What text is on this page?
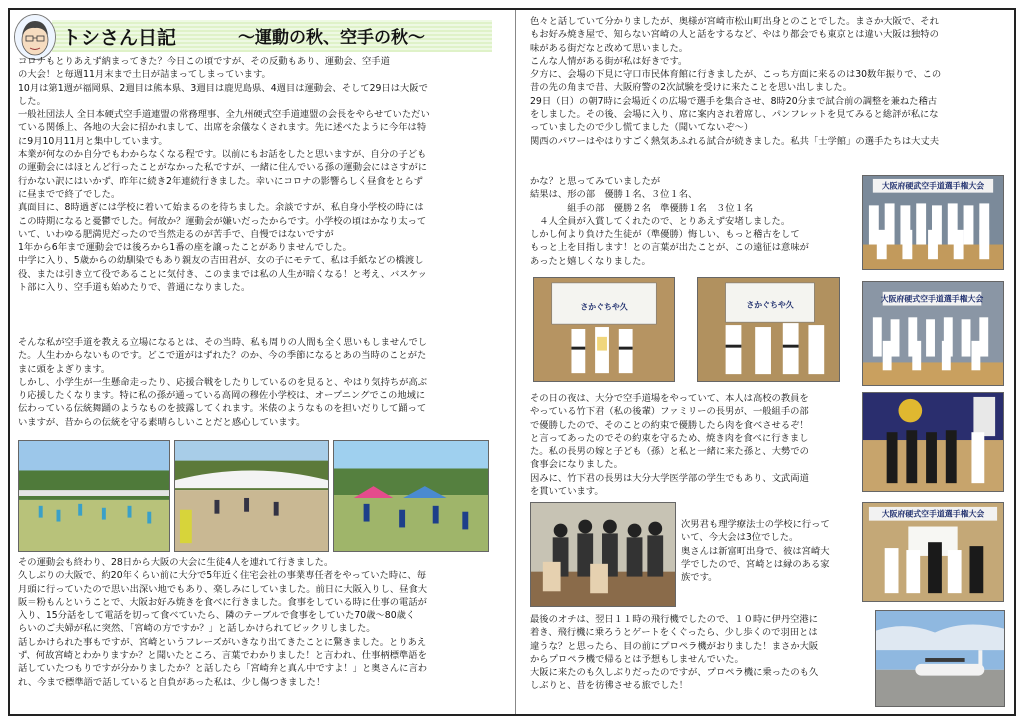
トシさん日記	～運動の秋、空手の秋～

コロナもとりあえず納まってきた？今日この頃ですが、その反動もあり、運動会、空手道

の大会！と毎週11月末まで土日が詰まってしまっています。

10月は第1週が福岡県、2週目は熊本県、3週目は鹿児島県、4週目は運動会、そして29日は大阪で

した。

一般社団法人 全日本硬式空手道連盟の常務理事、全九州硬式空手道連盟の会長をやらせていただい

ている関係上、各地の大会に招かれまして、出席を余儀なくされます。先に述べたように今年は特

に9月10月11月と集中しています。

本業が何なのか自分でもわからなくなる程です。以前にもお話をしたと思いますが、自分の子ども

の運動会にはほとんど行ったことがなかった私ですが、一緒に住んでいる孫の運動会にはさすがに

行かない訳にはいかず、昨年に続き2年連続行きました。幸いにコロナの影響らしく昼食をとらず

に昼までで終了でした。

真面目に、8時過ぎには学校に着いて始まるのを待ちました。余談ですが、私自身小学校の時には

この時期になると憂鬱でした。何故か？運動会が嫌いだったからです。小学校の頃はかなり太って

いて、いわゆる肥満児だったので当然走るのが苦手で、自慢ではないですが

1年から6年まで運動会では後ろから1番の座を譲ったことがありませんでした。

中学に入り、5歳からの幼馴染でもあり親友の吉田君が、女の子にモテて、私は手紙などの橋渡し

役、または引き立て役であることに気付き、このままでは私の人生が暗くなる！と考え、バスケッ

ト部に入り、空手道も始めたりで、普通になりました。

そんな私が空手道を教える立場になるとは、その当時、私も周りの人間も全く思いもしませんでし

た。人生わからないものです。どこで道がはずれた？のか、今の季節になるとあの当時のことがた

まに頭をよぎります。

しかし、小学生が一生懸命走ったり、応援合戦をしたりしているのを見ると、やはり気持ちが高ぶ

り応援したくなります。特に私の孫が通っている高岡の穆佐小学校は、オープニングでこの地域に

伝わっている伝統舞踊のようなものを披露してくれます。米俵のようなものを担いだりして踊って

いますが、昔からの伝統を守る素晴らしいことだと感心しています。

その運動会も終わり、28日から大阪の大会に生徒4人を連れて行きました。

久しぶりの大阪で、約20年くらい前に大分で5年近く住宅会社の事業専任者をやっていた時に、毎

月頭に行っていたので思い出深い地でもあり、楽しみにしていました。前日に大阪入りし、昼食大

阪＝粉もんということで、大阪お好み焼きを食べに行きました。食事をしている時に仕事の電話が

入り、15分話をして電話を切って食べていたら、隣のテーブルで食事をしていた70歳～80歳く

らいのご夫婦が私に突然、「宮崎の方ですか？」と話しかけられてビックリしました。

話しかけられた事もですが、宮崎というフレーズがいきなり出てきたことに驚きました。とりあえ

ず、何故宮崎とわかりますか？と聞いたところ、言葉でわかりました！と言われ、仕事柄標準語を

話していたつもりですが分かりましたか？と話したら「宮崎弁と真ん中ですよ！」と奥さんに言わ

れ、今まで標準語で話していると自負があった私は、少し傷つきました！

色々と話していて分かりましたが、奥様が宮崎市松山町出身とのことでした。まさか大阪で、それ

もお好み焼き屋で、知らない宮崎の人と話をするなど、やはり都会でも東京とは違い大阪は独特の

味がある街だなと改めて思いました。

こんな人情がある街が私は好きです。

夕方に、会場の下見に守口市民体育館に行きましたが、こっち方面に来るのは30数年振りで、この

昔の先の角まで昔、大阪府警の2次試験を受けに来たことを思い出しました。

29日（日）の朝7時に会場近くの広場で選手を集合させ、8時20分まで試合前の調整を兼ねた稽古

をしました。その後、会場に入り、席に案内され着席し、パンフレットを見てみると総評が私にな

っていましたので少し慌てました（聞いてないぞ～）

関西のパワーはやはりすごく熱気あふれる試合が続きました。私共「士学館」の選手たちは大丈夫

かな？と思ってみていましたが

結果は、形の部　優勝１名、３位１名、

　　　　組手の部　優勝２名　準優勝１名　３位１名

　４人全員が入賞してくれたので、とりあえず安堵しました。

しかし何より負けた生徒が（準優勝）悔しい、もっと稽古をして

もっと上を目指します！との言葉が出たことが、この遠征は意味が

あったと嬉しくなりました。

その日の夜は、大分で空手道場をやっていて、本人は高校の教員を

やっている竹下君（私の後輩）ファミリーの長男が、一般組手の部

で優勝したので、そのことの約束で優勝したら肉を食べさせるぞ！

と言ってあったのでその約束を守るため、焼き肉を食べに行きまし

た。私の長男の嫁と子ども（孫）と私と一緒に来た孫と、大勢での

食事会になりました。

因みに、竹下君の長男は大分大学医学部の学生でもあり、文武両道

を貫いています。

次男君も理学療法士の学校に行って

いて、今大会は3位でした。

奥さんは新富町出身で、彼は宮崎大

学でしたので、宮崎とは縁のある家

族です。

最後のオチは、翌日１１時の飛行機でしたので、１０時に伊丹空港に

着き、飛行機に乗ろうとゲートをくぐったら、少し歩くので羽田とは

違うな？と思ったら、目の前にプロペラ機がおりました！まさか大阪

からプロペラ機で帰るとは予想もしませんでいた。

大阪に来たのも久しぶりだったのですが、プロペラ機に乗ったのも久

しぶりと、昔を彷彿させる旅でした！

さかぐちや久	さかぐちや久
大阪府硬武空手道選手権大会
大阪府硬式空手道選手権大会
大阪府硬式空手道選手権大会
